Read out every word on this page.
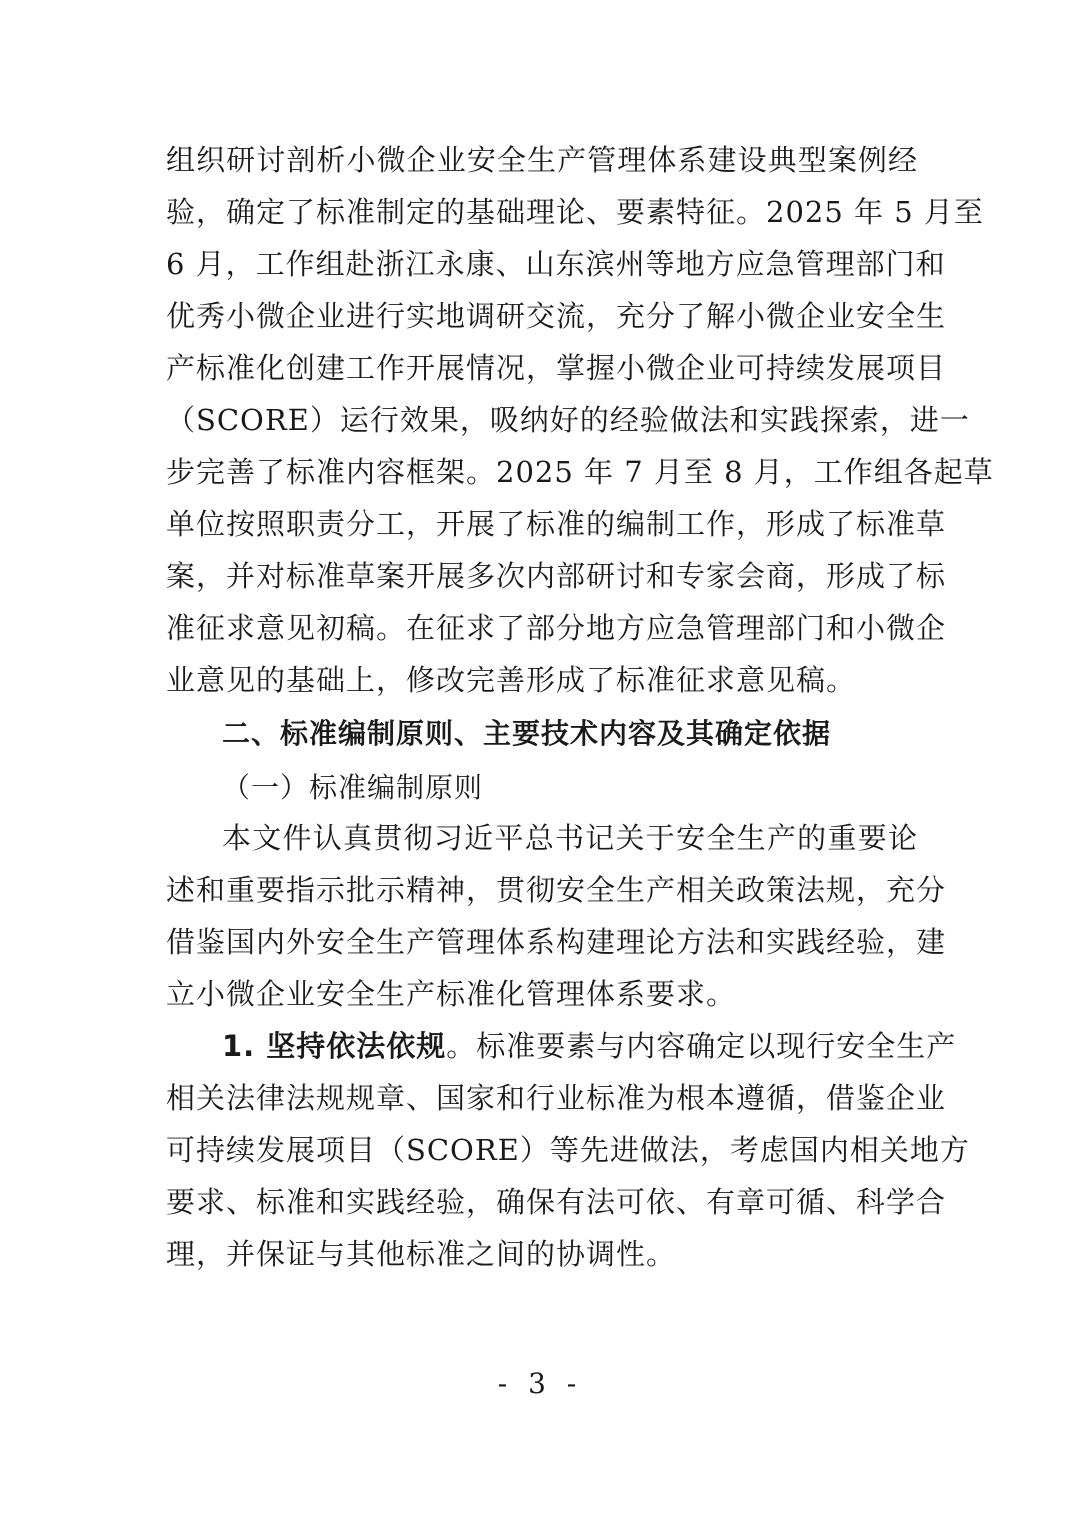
组织研讨剖析小微企业安全生产管理体系建设典型案例经
验，确定了标准制定的基础理论、要素特征。2025 年 5 月至
6 月，工作组赴浙江永康、山东滨州等地方应急管理部门和
优秀小微企业进行实地调研交流，充分了解小微企业安全生
产标准化创建工作开展情况，掌握小微企业可持续发展项目
（SCORE）运行效果，吸纳好的经验做法和实践探索，进一
步完善了标准内容框架。2025 年 7 月至 8 月，工作组各起草
单位按照职责分工，开展了标准的编制工作，形成了标准草
案，并对标准草案开展多次内部研讨和专家会商，形成了标
准征求意见初稿。在征求了部分地方应急管理部门和小微企
业意见的基础上，修改完善形成了标准征求意见稿。
二、标准编制原则、主要技术内容及其确定依据
（一）标准编制原则
本文件认真贯彻习近平总书记关于安全生产的重要论
述和重要指示批示精神，贯彻安全生产相关政策法规，充分
借鉴国内外安全生产管理体系构建理论方法和实践经验，建
立小微企业安全生产标准化管理体系要求。
1. 坚持依法依规。标准要素与内容确定以现行安全生产
相关法律法规规章、国家和行业标准为根本遵循，借鉴企业
可持续发展项目（SCORE）等先进做法，考虑国内相关地方
要求、标准和实践经验，确保有法可依、有章可循、科学合
理，并保证与其他标准之间的协调性。
- 3 -
